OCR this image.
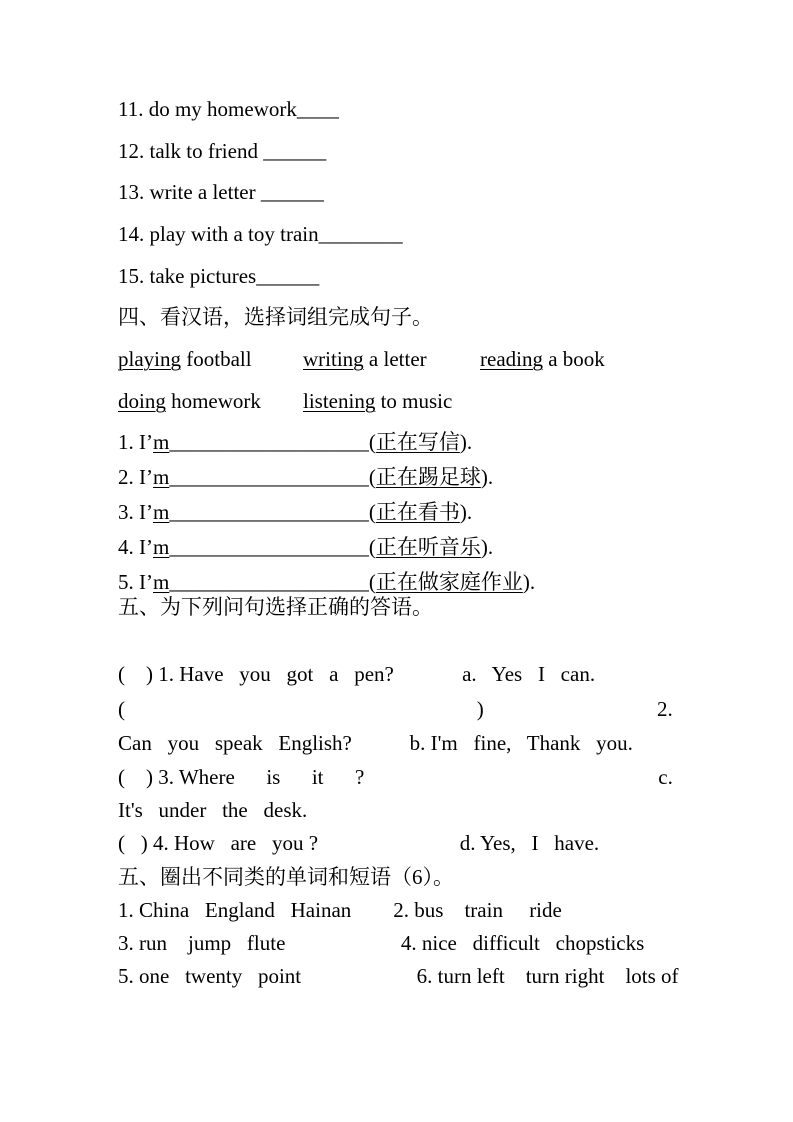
11. do my homework____
12. talk to friend ______
13. write a letter ______
14. play with a toy train________
15. take pictures______
四、看汉语，选择词组完成句子。
playing football writing a letter	reading a book
doing homework listening to music
1. I’m___________________(正在写信).
2. I’m___________________(正在踢足球).
3. I’m___________________(正在看书).
4. I’m___________________(正在听音乐).
5. I’m___________________(正在做家庭作业).
五、为下列问句选择正确的答语。
(    ) 1. Have   you   got   a   pen?             a.   Yes   I   can.
(                                                                   )                                 2.
Can   you   speak   English?           b. I'm   fine,   Thank   you.
(    ) 3. Where      is      it      ?                                                        c.
It's   under   the   desk.
(   ) 4. How   are   you ?                           d. Yes,   I   have.
五、圈出不同类的单词和短语（6）。
1. China   England   Hainan        2. bus    train     ride
3. run    jump   flute                      4. nice   difficult   chopsticks
5. one   twenty   point                      6. turn left    turn right    lots of
